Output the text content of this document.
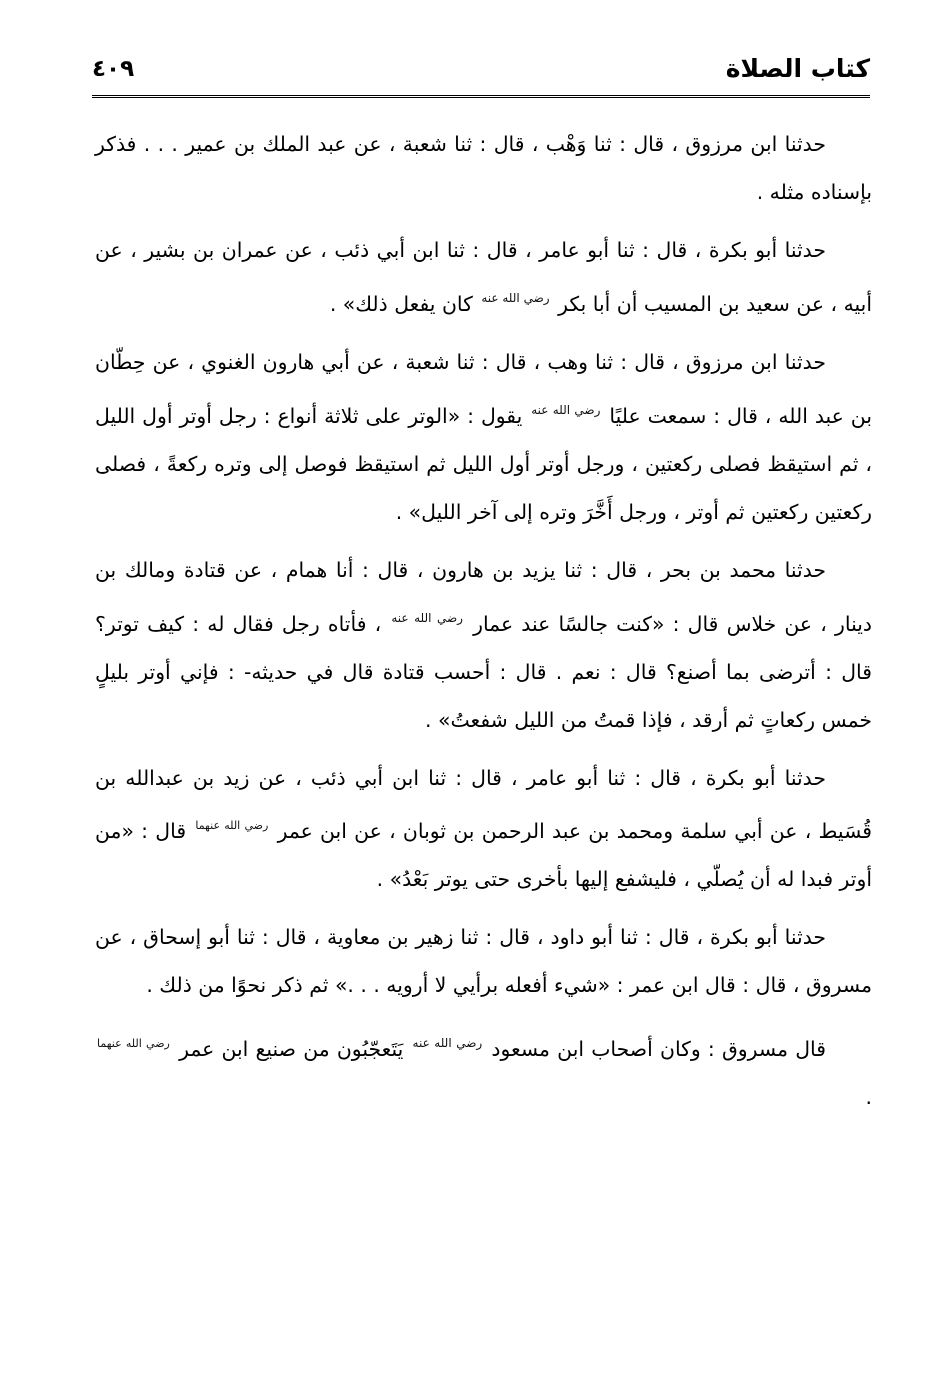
كتاب الصلاة
٤٠٩

حدثنا ابن مرزوق ، قال : ثنا وَهْب ، قال : ثنا شعبة ، عن عبد الملك بن عمير . . . فذكر بإسناده مثله .

حدثنا أبو بكرة ، قال : ثنا أبو عامر ، قال : ثنا ابن أبي ذئب ، عن عمران بن بشير ، عن أبيه ، عن سعيد بن المسيب أن أبا بكر $^{رضي الله عنه}$ كان يفعل ذلك» .

حدثنا ابن مرزوق ، قال : ثنا وهب ، قال : ثنا شعبة ، عن أبي هارون الغنوي ، عن حِطّان بن عبد الله ، قال : سمعت عليًا $^{رضي الله عنه}$ يقول : «الوتر على ثلاثة أنواع : رجل أوتر أول الليل ، ثم استيقظ فصلى ركعتين ، ورجل أوتر أول الليل ثم استيقظ فوصل إلى وتره ركعةً ، فصلى ركعتين ركعتين ثم أوتر ، ورجل أَخَّرَ وتره إلى آخر الليل» .

حدثنا محمد بن بحر ، قال : ثنا يزيد بن هارون ، قال : أنا همام ، عن قتادة ومالك بن دينار ، عن خلاس قال : «كنت جالسًا عند عمار $^{رضي الله عنه}$ ، فأتاه رجل فقال له : كيف توتر؟ قال : أترضى بما أصنع؟ قال : نعم . قال : أحسب قتادة قال في حديثه- : فإني أوتر بليلٍ خمس ركعاتٍ ثم أرقد ، فإذا قمتُ من الليل شفعتُ» .

حدثنا أبو بكرة ، قال : ثنا أبو عامر ، قال : ثنا ابن أبي ذئب ، عن زيد بن عبدالله بن قُسَيط ، عن أبي سلمة ومحمد بن عبد الرحمن بن ثوبان ، عن ابن عمر $^{رضي الله عنهما}$ قال : «من أوتر فبدا له أن يُصلّي ، فليشفع إليها بأخرى حتى يوتر بَعْدُ» .

حدثنا أبو بكرة ، قال : ثنا أبو داود ، قال : ثنا زهير بن معاوية ، قال : ثنا أبو إسحاق ، عن مسروق ، قال : قال ابن عمر : «شيء أفعله برأيي لا أرويه . . .» ثم ذكر نحوًا من ذلك .

قال مسروق : وكان أصحاب ابن مسعود $^{رضي الله عنه}$ يَتَعجّبُون من صنيع ابن عمر $^{رضي الله عنهما}$ .
